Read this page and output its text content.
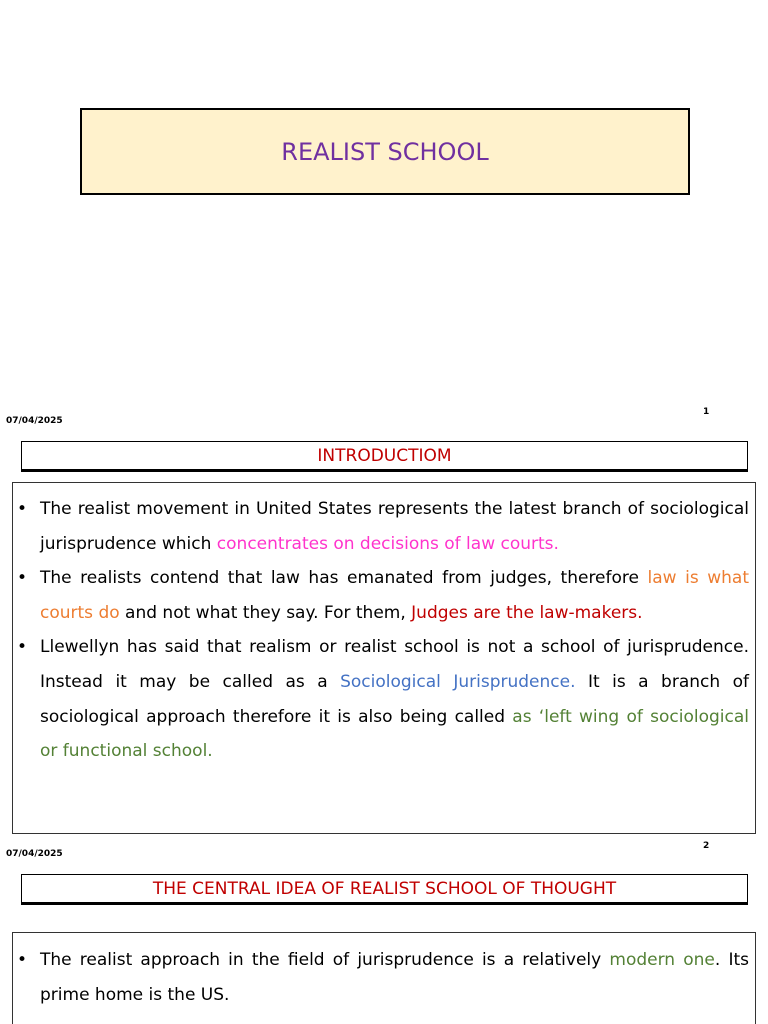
REALIST SCHOOL
1
07/04/2025
INTRODUCTIOM
• The realist movement in United States represents the latest branch of sociological jurisprudence which concentrates on decisions of law courts.
• The realists contend that law has emanated from judges, therefore law is what courts do and not what they say. For them, Judges are the law-makers.
• Llewellyn has said that realism or realist school is not a school of jurisprudence. Instead it may be called as a Sociological Jurisprudence. It is a branch of sociological approach therefore it is also being called as ‘left wing of sociological or functional school.
2
07/04/2025
THE CENTRAL IDEA OF REALIST SCHOOL OF THOUGHT
• The realist approach in the field of jurisprudence is a relatively modern one. Its prime home is the US.
